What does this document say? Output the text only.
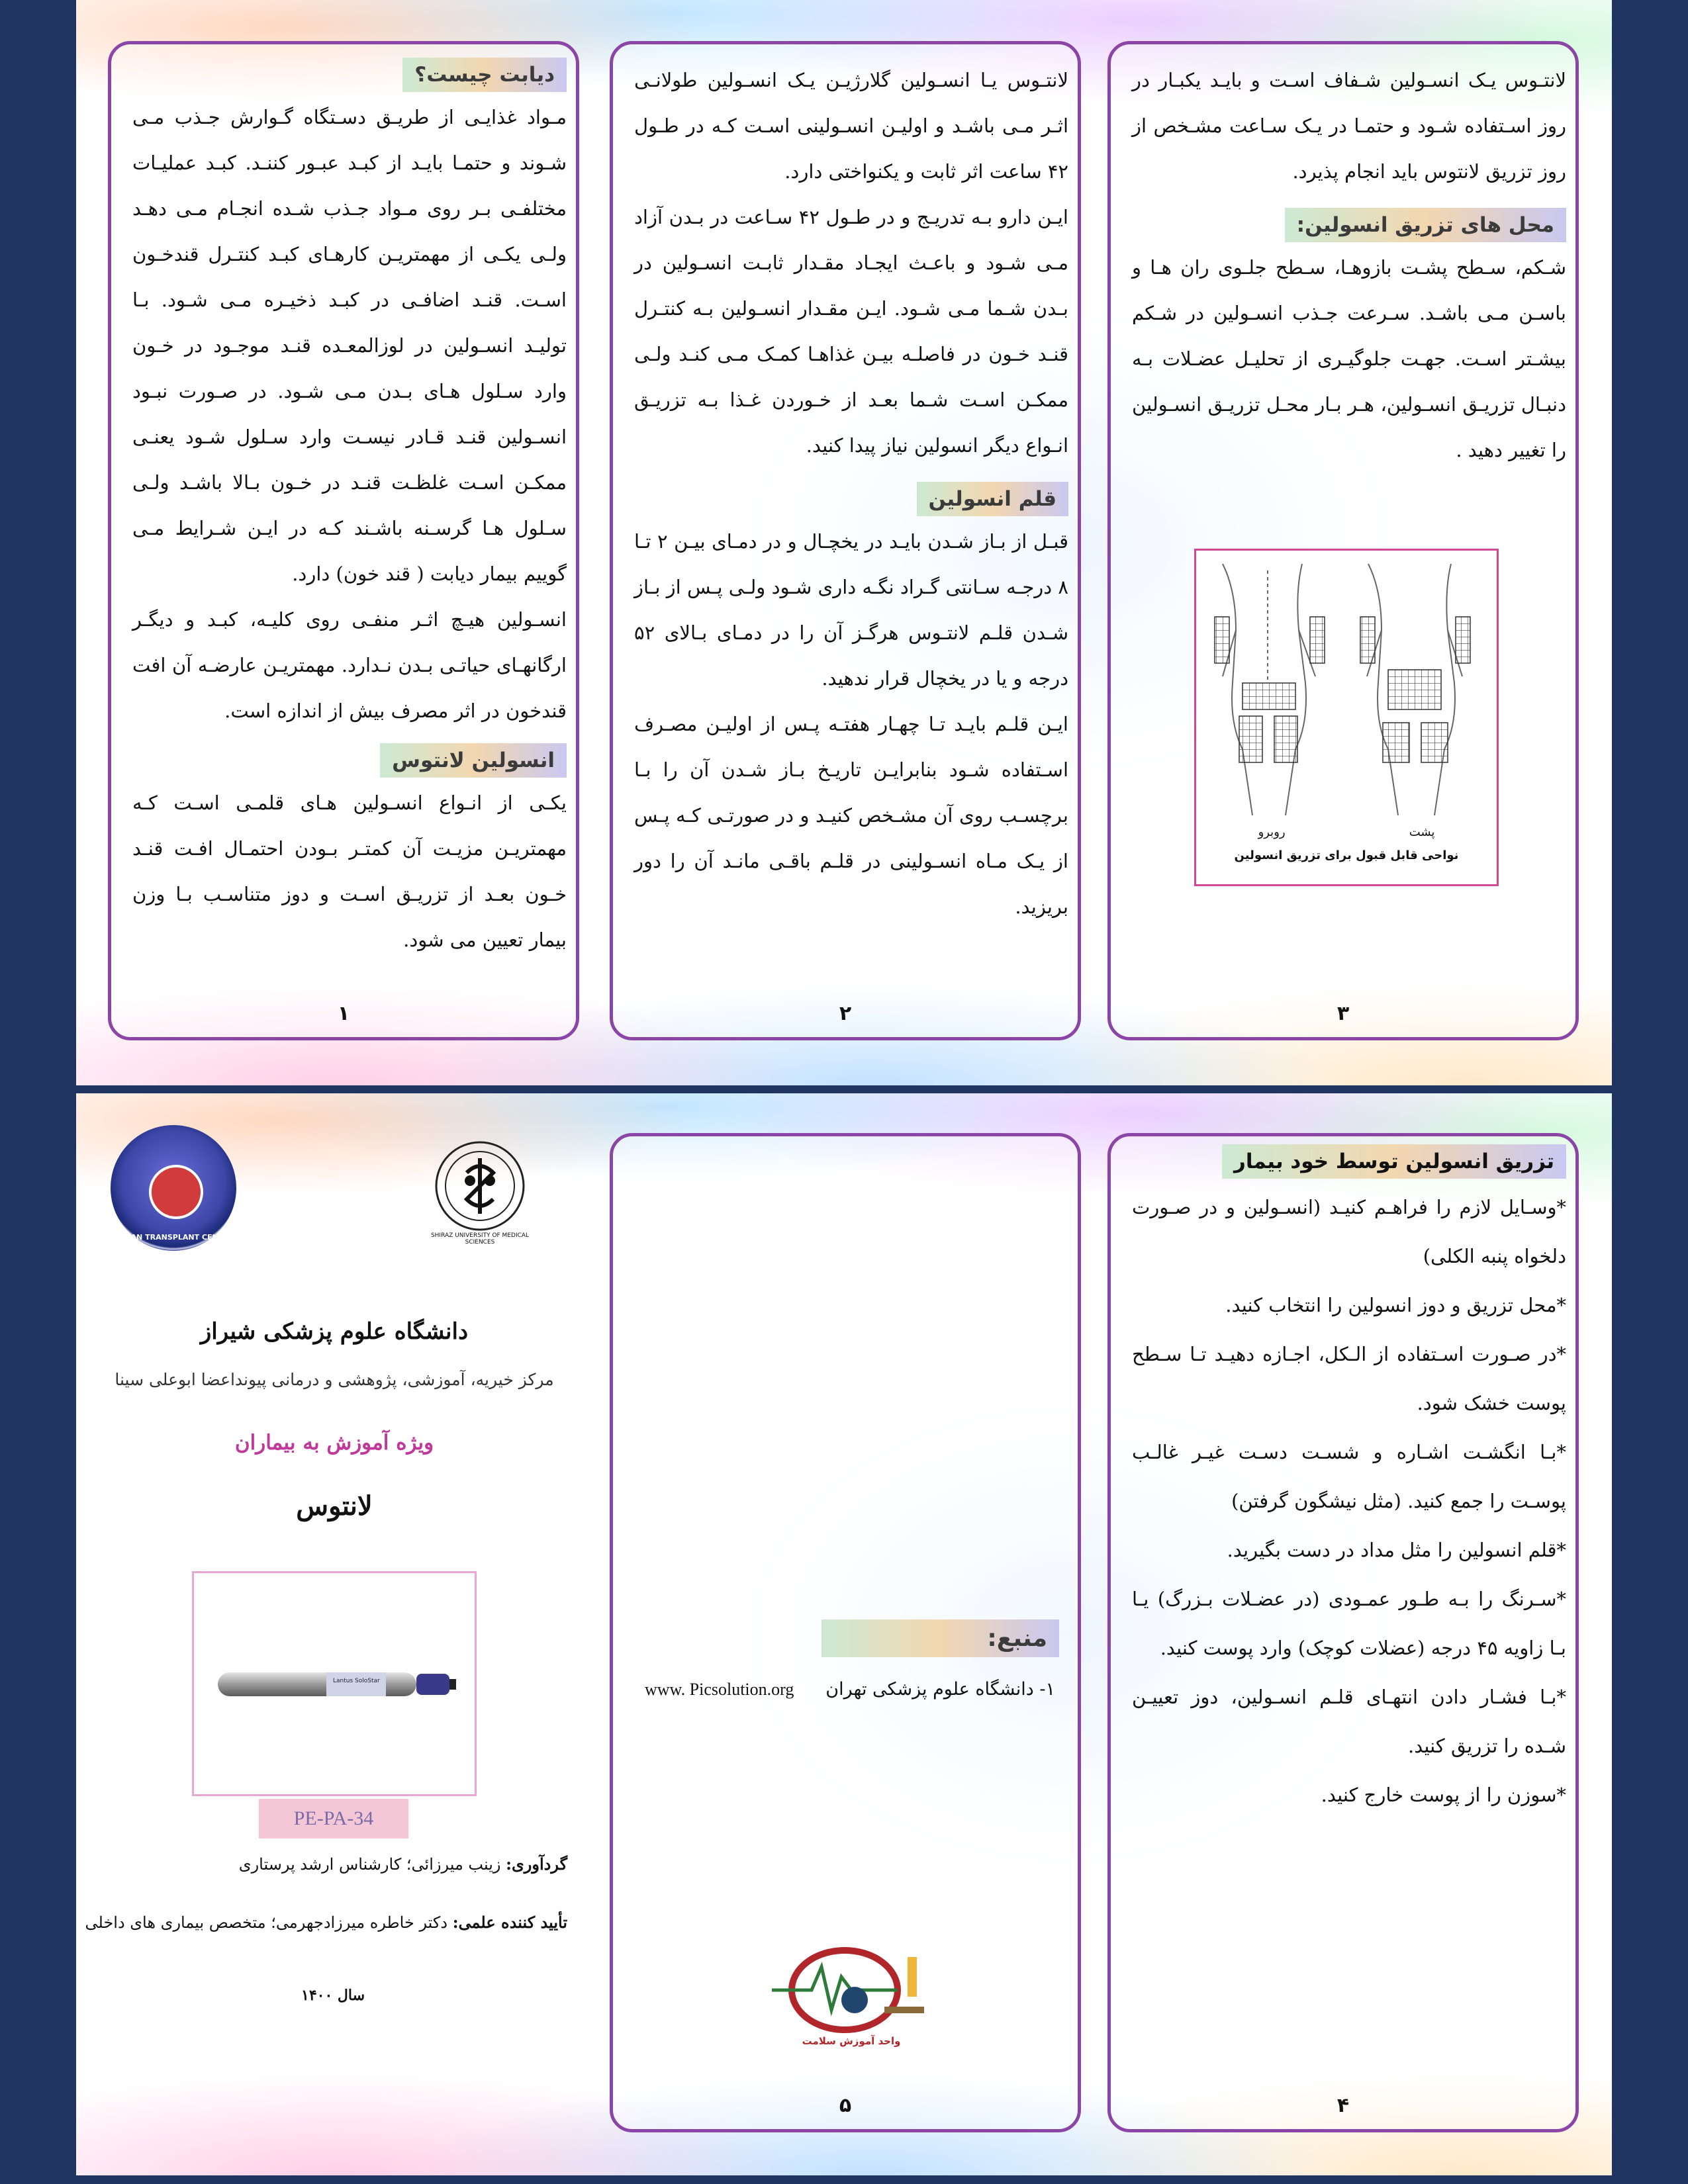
دیابت چیست؟

مـواد غذایـی از طریـق دسـتگاه گـوارش جـذب مـی شـوند و حتمـا بایـد از کبـد عبـور کننـد. کبـد عملیـات مختلفـی بـر روی مـواد جـذب شـده انجـام مـی دهـد ولـی یکـی از مهمتریـن کارهـای کبـد کنتـرل قندخـون اسـت. قنـد اضافـی در کبـد ذخیـره مـی شـود. بـا تولیـد انسـولین در لوزالمعـده قنـد موجـود در خـون وارد سـلول هـای بـدن مـی شـود. در صـورت نبـود انسـولین قنـد قـادر نیسـت وارد سـلول شـود یعنـی ممکـن اسـت غلظـت قنـد در خـون بـالا باشـد ولـی سـلول هـا گرسـنه باشـند کـه در ایـن شـرایط مـی گوییم بیمار دیابت ( قند خون) دارد.

انسـولین هیـچ اثـر منفـی روی کلیـه، کبـد و دیگـر ارگانهـای حیاتـی بـدن نـدارد. مهمتریـن عارضـه آن افت قندخون در اثر مصرف بیش از اندازه است.

انسولین لانتوس

یکـی از انـواع انسـولین هـای قلمـی اسـت کـه مهمتریـن مزیـت آن کمتـر بـودن احتمـال افـت قنـد خـون بعـد از تزریـق اسـت و دوز متناسـب بـا وزن بیمار تعیین می شود.

۱

لانتـوس یـا انسـولین گلارژیـن یـک انسـولین طولانـی اثـر مـی باشـد و اولیـن انسـولینی اسـت کـه در طـول ۴۲ ساعت اثر ثابت و یکنواختی دارد.

ایـن دارو بـه تدریـج و در طـول ۴۲ سـاعت در بـدن آزاد مـی شـود و باعـث ایجـاد مقـدار ثابـت انسـولین در بـدن شـما مـی شـود. ایـن مقـدار انسـولین بـه کنتـرل قنـد خـون در فاصلـه بیـن غذاهـا کمـک مـی کنـد ولـی ممکـن اسـت شـما بعـد از خـوردن غـذا بـه تزریـق انـواع دیگر انسولین نیاز پیدا کنید.

قلم انسولین

قبـل از بـاز شـدن بایـد در یخچـال و در دمـای بیـن ۲ تـا ۸ درجـه سـانتی گـراد نگـه داری شـود ولـی پـس از بـاز شـدن قلـم لانتـوس هرگـز آن را در دمـای بـالای ۵۲ درجه و یا در یخچال قرار ندهید.

ایـن قلـم بایـد تـا چهـار هفتـه پـس از اولیـن مصـرف اسـتفاده شـود بنابرایـن تاریـخ بـاز شـدن آن را بـا برچسـب روی آن مشـخص کنیـد و در صورتـی کـه پـس از یـک مـاه انسـولینی در قلـم باقـی مانـد آن را دور بریزید.

۲

لانتـوس یـک انسـولین شـفاف اسـت و بایـد یکبـار در روز اسـتفاده شـود و حتمـا در یـک سـاعت مشـخص از روز تزریق لانتوس باید انجام پذیرد.

محل های تزریق انسولین:

شـکم، سـطح پشـت بازوهـا، سـطح جلـوی ران هـا و باسـن مـی باشـد. سـرعت جـذب انسـولین در شـکم بیشـتر اسـت. جهـت جلوگیـری از تحلیـل عضـلات بـه دنبـال تزریـق انسـولین، هـر بـار محـل تزریـق انسـولین را تغییر دهید .

پشت
روبرو
نواحی قابل قبول برای تزریق انسولین
۳
ORGAN TRANSPLANT CENTER	SHIRAZ UNIVERSITY OF MEDICAL SCIENCES
دانشگاه علوم پزشکی شیراز
مرکز خیریه، آموزشی، پژوهشی و درمانی پیونداعضا ابوعلی سینا
ویژه آموزش به بیماران
لانتوس
Lantus SoloStar
PE-PA-34
گردآوری: زینب میرزائی؛ کارشناس ارشد پرستاری
تأیید کننده علمی: دکتر خاطره میرزادجهرمی؛ متخصص بیماری های داخلی
سال ۱۴۰۰
منبع:
www. Picsolution.org ۱- دانشگاه علوم پزشکی تهران
واحد آموزش سلامت
۵
تزریق انسولین توسط خود بیمار

*وسـایل لازم را فراهـم کنیـد (انسـولین و در صـورت دلخواه پنبه الکلی)

*محل تزریق و دوز انسولین را انتخاب کنید.

*در صـورت اسـتفاده از الـکل، اجـازه دهیـد تـا سـطح پوست خشک شود.

*بـا انگشـت اشـاره و شسـت دسـت غیـر غالـب پوسـت را جمع کنید. (مثل نیشگون گرفتن)

*قلم انسولین را مثل مداد در دست بگیرید.

*سـرنگ را بـه طـور عمـودی (در عضـلات بـزرگ) یـا بـا زاویه ۴۵ درجه (عضلات کوچک) وارد پوست کنید.

*بـا فشـار دادن انتهـای قلـم انسـولین، دوز تعییـن شـده را تزریق کنید.

*سوزن را از پوست خارج کنید.

۴
